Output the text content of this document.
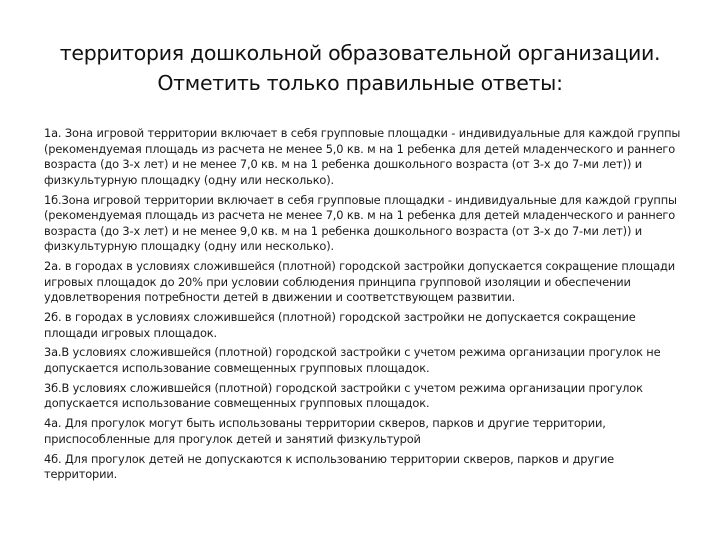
территория дошкольной образовательной организации.
Отметить только правильные ответы:
1а. Зона игровой территории включает в себя групповые площадки - индивидуальные для каждой группы
(рекомендуемая площадь из расчета не менее 5,0 кв. м на 1 ребенка для детей младенческого и раннего
возраста (до 3-х лет) и не менее 7,0 кв. м на 1 ребенка дошкольного возраста (от 3-х до 7-ми лет)) и
физкультурную площадку (одну или несколько).
1б.Зона игровой территории включает в себя групповые площадки - индивидуальные для каждой группы
(рекомендуемая площадь из расчета не менее 7,0 кв. м на 1 ребенка для детей младенческого и раннего
возраста (до 3-х лет) и не менее 9,0 кв. м на 1 ребенка дошкольного возраста (от 3-х до 7-ми лет)) и
физкультурную площадку (одну или несколько).
2а. в городах в условиях сложившейся (плотной) городской застройки допускается сокращение площади
игровых площадок до 20% при условии соблюдения принципа групповой изоляции и обеспечении
удовлетворения потребности детей в движении и соответствующем развитии.
2б. в городах в условиях сложившейся (плотной) городской застройки не допускается сокращение
площади игровых площадок.
3а.В условиях сложившейся (плотной) городской застройки с учетом режима организации прогулок не
допускается использование совмещенных групповых площадок.
3б.В условиях сложившейся (плотной) городской застройки с учетом режима организации прогулок
допускается использование совмещенных групповых площадок.
4а. Для прогулок могут быть использованы территории скверов, парков и другие территории,
приспособленные для прогулок детей и занятий физкультурой
4б. Для прогулок детей не допускаются к использованию территории скверов, парков и другие
территории.
